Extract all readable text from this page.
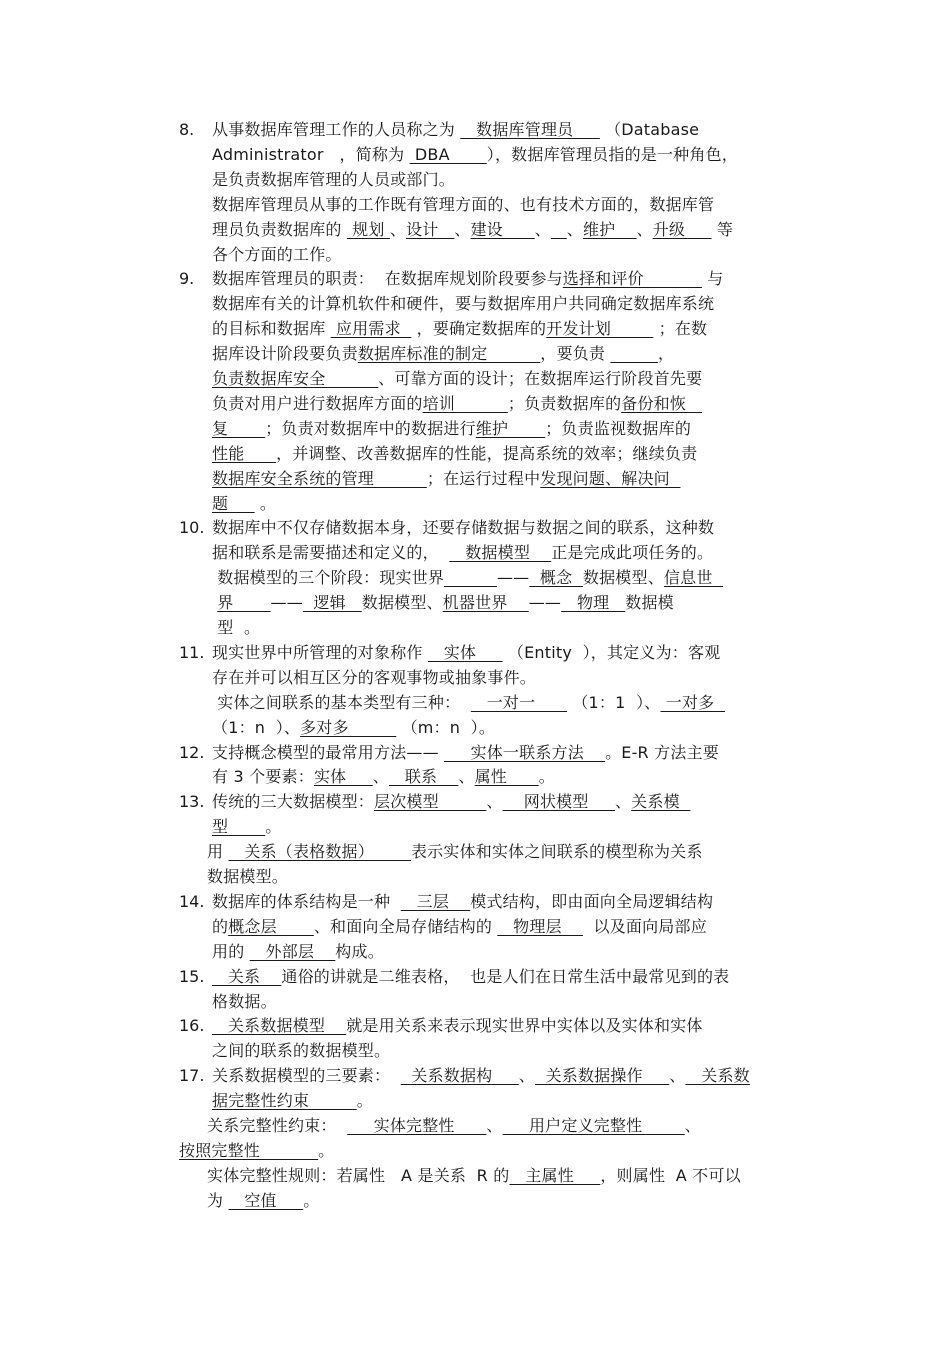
8. 从事数据库管理工作的人员称之为    数据库管理员      （Database
Administrator   ，简称为  DBA       ），数据库管理员指的是一种角色，
是负责数据库管理的人员或部门。
数据库管理员从事的工作既有管理方面的、也有技术方面的，数据库管
理员负责数据库的  规划 、设计   、建设      、 、维护    、升级      等
各个方面的工作。
9. 数据库管理员的职责：  在数据库规划阶段要参与选择和评价            与
数据库有关的计算机软件和硬件，要与数据库用户共同确定数据库系统
的目标和数据库  应用需求   ，要确定数据库的开发计划         ；在数
据库设计阶段要负责数据库标准的制定          ，要负责	，
负责数据库安全          、可靠方面的设计；在数据库运行阶段首先要
负责对用户进行数据库方面的培训          ；负责数据库的备份和恢
复       ；负责对数据库中的数据进行维护       ；负责监视数据库的
性能      ，并调整、改善数据库的性能，提高系统的效率；继续负责
数据库安全系统的管理          ；在运行过程中发现问题、解决问
题      。
10. 数据库中不仅存储数据本身，还要存储数据与数据之间的联系，这种数
据和联系是需要描述和定义的，     数据模型    正是完成此项任务的。
数据模型的三个阶段：现实世界	——  概念  数据模型、信息世
界       ——  逻辑   数据模型、机器世界    ——   物理   数据模
型  。
11. 现实世界中所管理的对象称作    实体      （Entity  ），其定义为：客观
存在并可以相互区分的客观事物或抽象事件。
实体之间联系的基本类型有三种：     一对一       （1：1  ）、 一对多
（1：n  ）、多对多          （m：n  ）。
12. 支持概念模型的最常用方法——      实体一联系方法    。E-R 方法主要
有 3 个要素：实体     、   联系    、属性      。
13. 传统的三大数据模型：层次模型         、    网状模型     、关系模
型       。
用    关系（表格数据）       表示实体和实体之间联系的模型称为关系
数据模型。
14. 数据库的体系结构是一种     三层    模式结构，即由面向全局逻辑结构
的概念层       、和面向全局存储结构的    物理层      以及面向局部应
用的    外部层    构成。
15. 关系    通俗的讲就是二维表格，  也是人们在日常生活中最常见到的表
格数据。
16. 关系数据模型    就是用关系来表示现实世界中实体以及实体和实体
之间的联系的数据模型。
17. 关系数据模型的三要素：    关系数据构     、  关系数据操作     、   关系数
据完整性约束         。
关系完整性约束：       实体完整性      、     用户定义完整性        、
按照完整性           。
实体完整性规则：若属性   A 是关系  R 的   主属性     ，则属性  A 不可以
为    空值     。
